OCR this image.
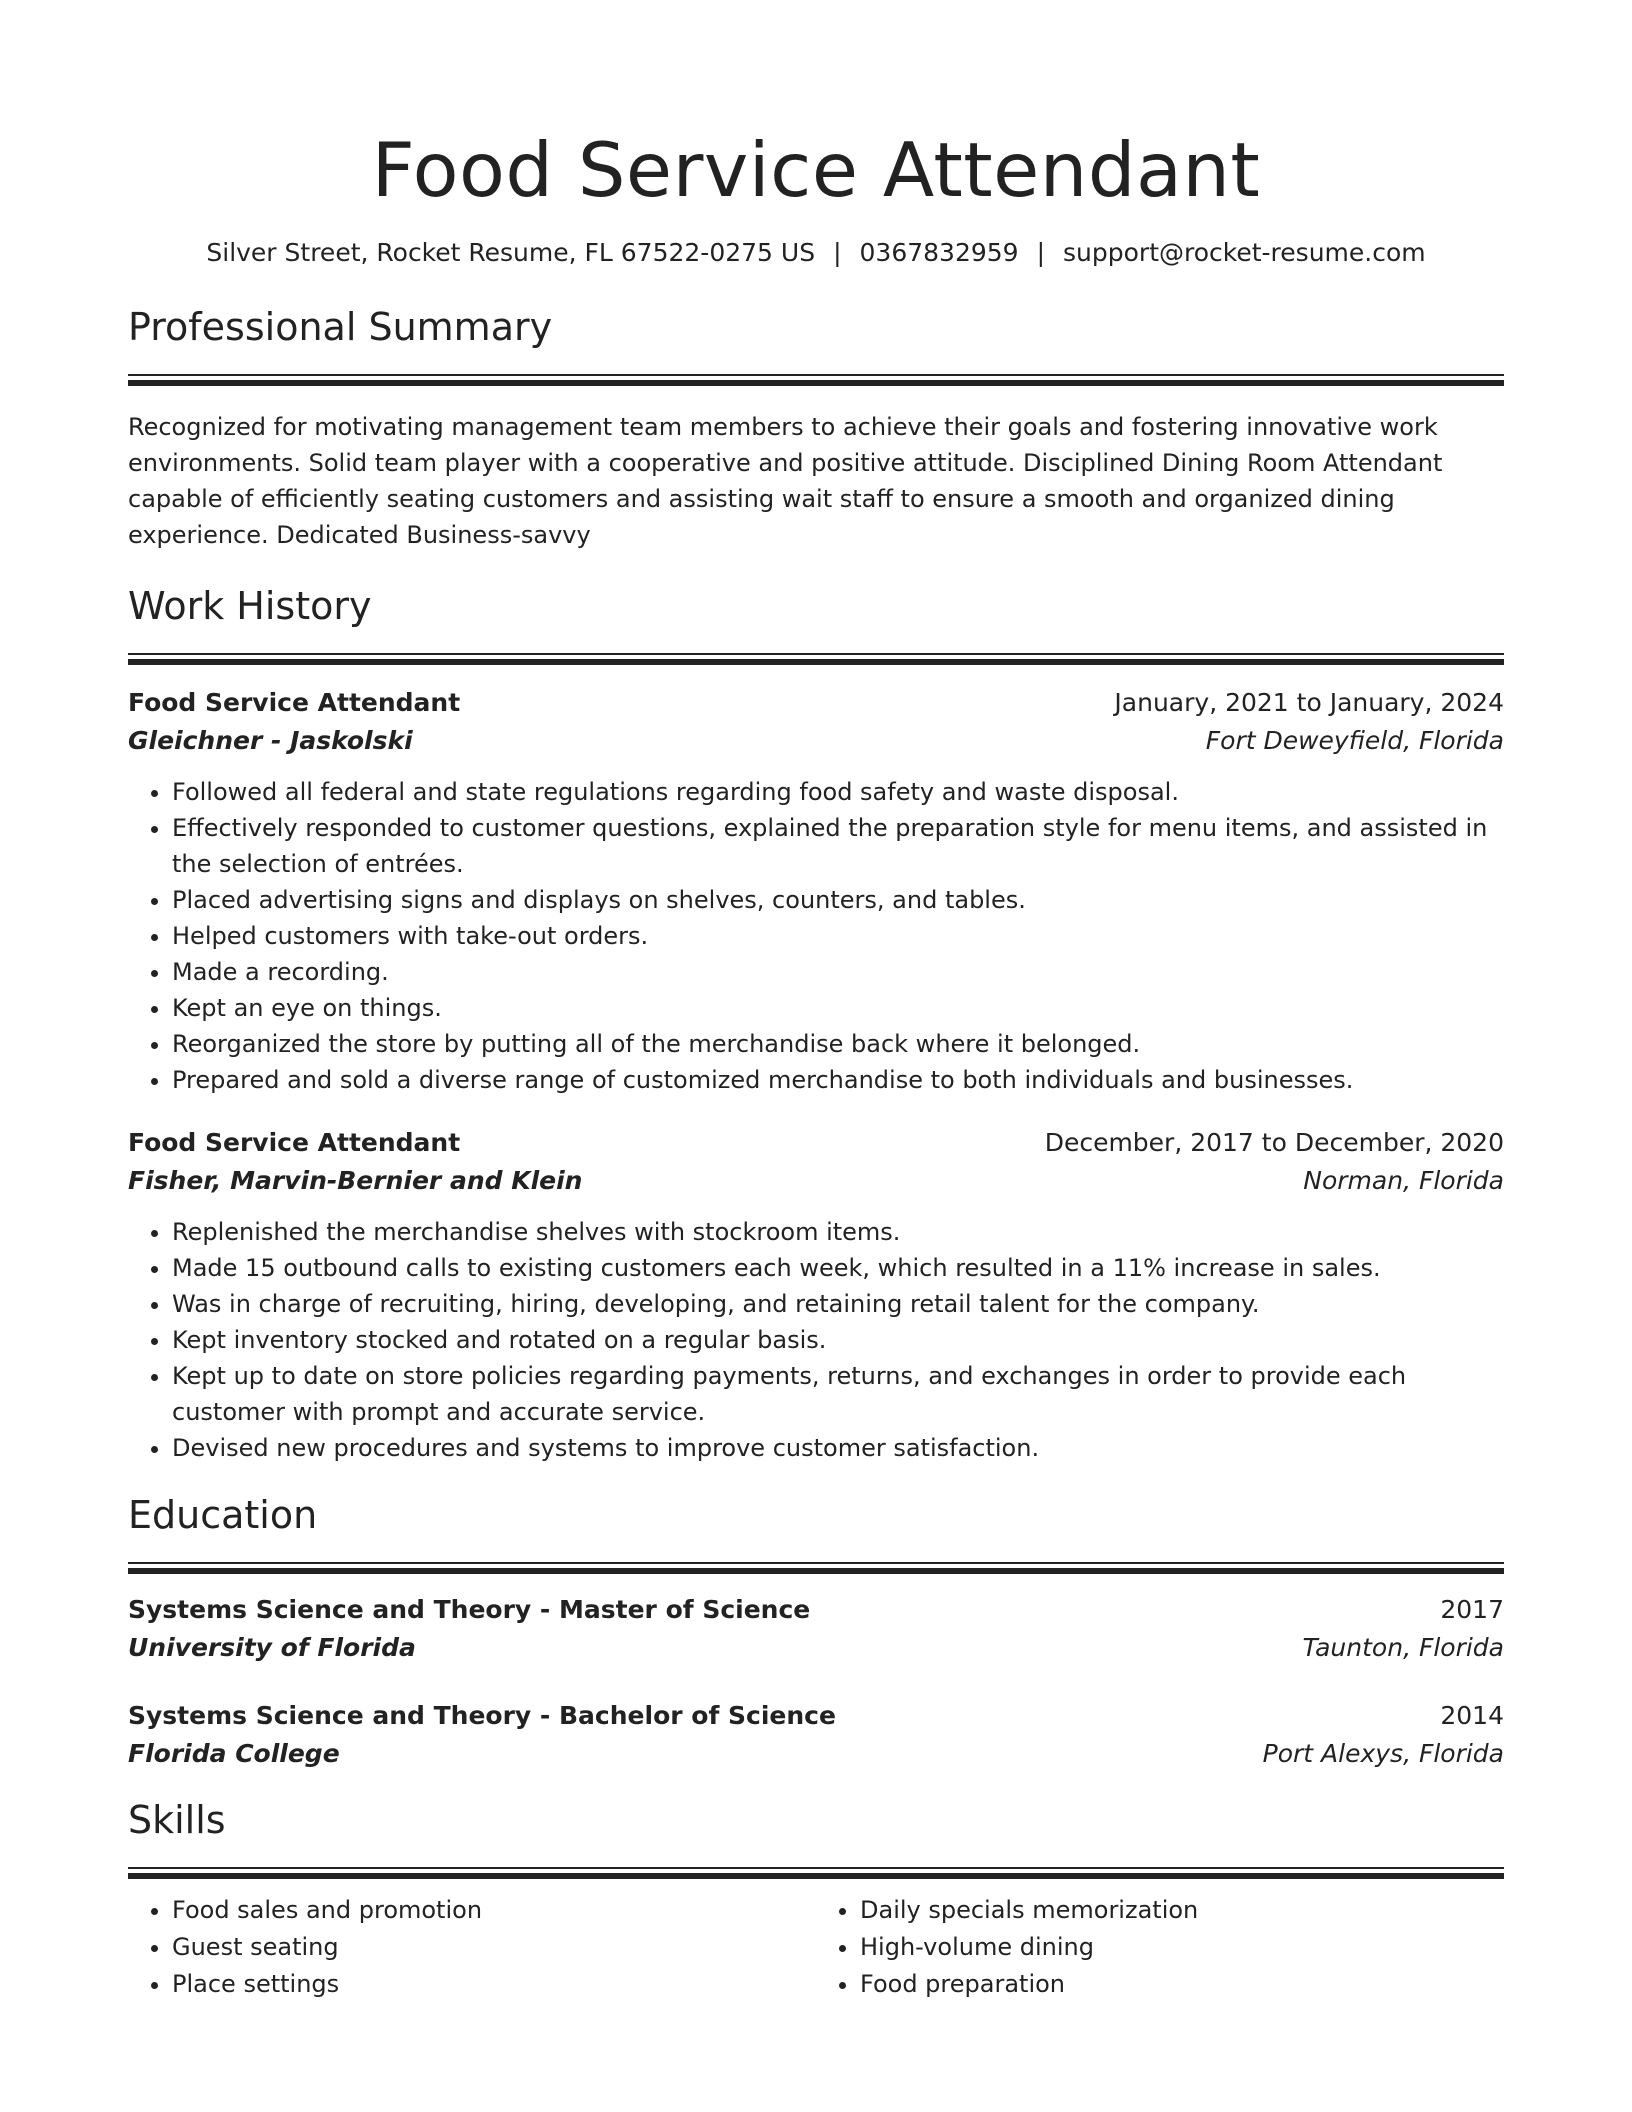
Food Service Attendant
Silver Street, Rocket Resume, FL 67522-0275 US | 0367832959 | support@rocket-resume.com
Professional Summary
Recognized for motivating management team members to achieve their goals and fostering innovative work environments. Solid team player with a cooperative and positive attitude. Disciplined Dining Room Attendant capable of efficiently seating customers and assisting wait staff to ensure a smooth and organized dining experience. Dedicated Business-savvy
Work History
Food Service Attendant	January, 2021 to January, 2024
Gleichner - Jaskolski	Fort Deweyfield, Florida
• Followed all federal and state regulations regarding food safety and waste disposal.
• Effectively responded to customer questions, explained the preparation style for menu items, and assisted in the selection of entrées.
• Placed advertising signs and displays on shelves, counters, and tables.
• Helped customers with take-out orders.
• Made a recording.
• Kept an eye on things.
• Reorganized the store by putting all of the merchandise back where it belonged.
• Prepared and sold a diverse range of customized merchandise to both individuals and businesses.
Food Service Attendant	December, 2017 to December, 2020
Fisher, Marvin-Bernier and Klein	Norman, Florida
• Replenished the merchandise shelves with stockroom items.
• Made 15 outbound calls to existing customers each week, which resulted in a 11% increase in sales.
• Was in charge of recruiting, hiring, developing, and retaining retail talent for the company.
• Kept inventory stocked and rotated on a regular basis.
• Kept up to date on store policies regarding payments, returns, and exchanges in order to provide each customer with prompt and accurate service.
• Devised new procedures and systems to improve customer satisfaction.
Education
Systems Science and Theory - Master of Science	2017
University of Florida	Taunton, Florida
Systems Science and Theory - Bachelor of Science	2014
Florida College	Port Alexys, Florida
Skills
• Food sales and promotion
• Guest seating
• Place settings
• Daily specials memorization
• High-volume dining
• Food preparation
